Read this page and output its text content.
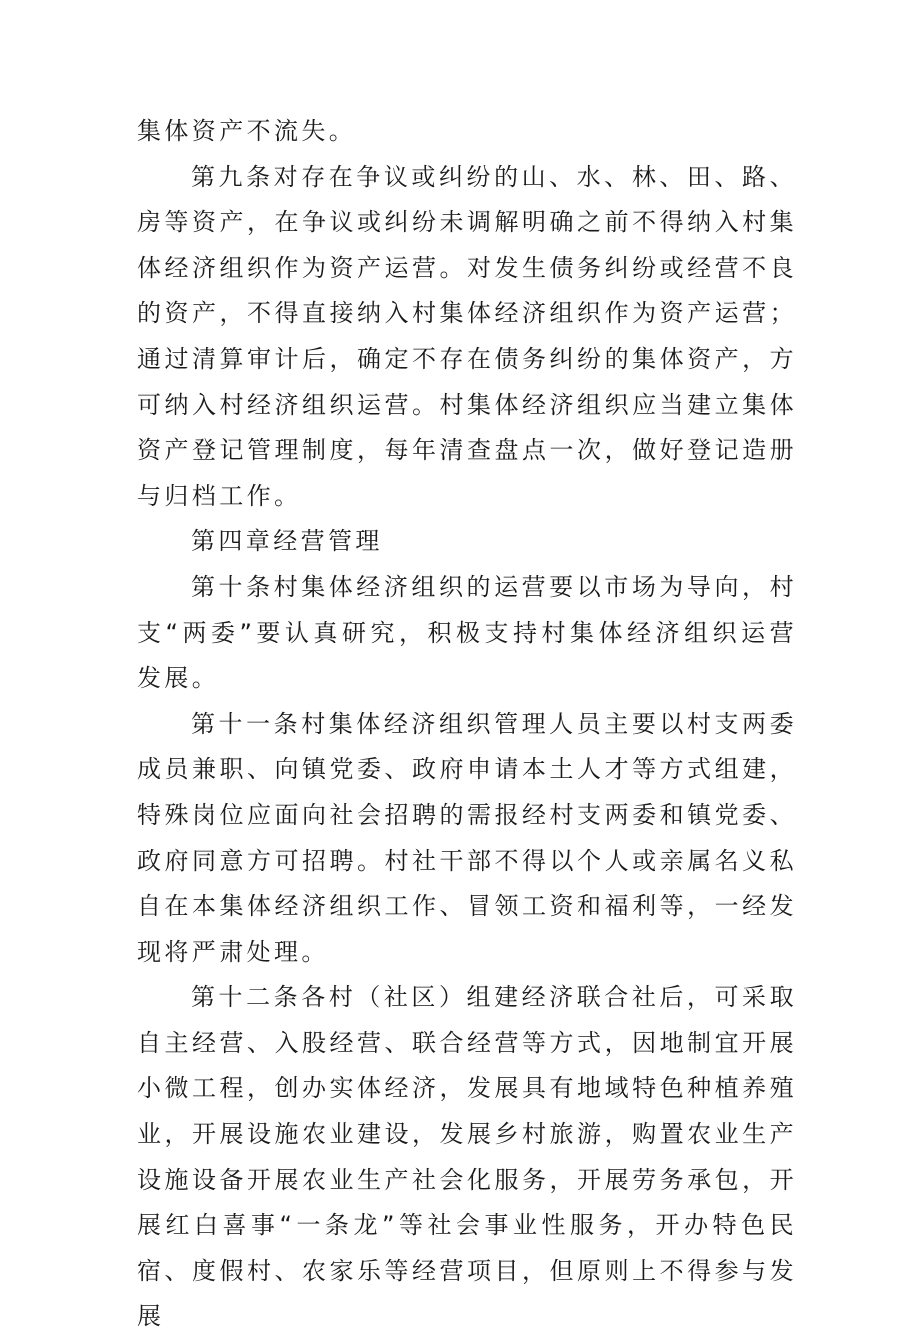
集体资产不流失。

第九条对存在争议或纠纷的山、水、林、田、路、房等资产，在争议或纠纷未调解明确之前不得纳入村集体经济组织作为资产运营。对发生债务纠纷或经营不良的资产，不得直接纳入村集体经济组织作为资产运营；通过清算审计后，确定不存在债务纠纷的集体资产，方可纳入村经济组织运营。村集体经济组织应当建立集体资产登记管理制度，每年清查盘点一次，做好登记造册与归档工作。

第四章经营管理

第十条村集体经济组织的运营要以市场为导向，村支“两委”要认真研究，积极支持村集体经济组织运营发展。

第十一条村集体经济组织管理人员主要以村支两委成员兼职、向镇党委、政府申请本土人才等方式组建，特殊岗位应面向社会招聘的需报经村支两委和镇党委、政府同意方可招聘。村社干部不得以个人或亲属名义私自在本集体经济组织工作、冒领工资和福利等，一经发现将严肃处理。

第十二条各村（社区）组建经济联合社后，可采取自主经营、入股经营、联合经营等方式，因地制宜开展小微工程，创办实体经济，发展具有地域特色种植养殖业，开展设施农业建设，发展乡村旅游，购置农业生产设施设备开展农业生产社会化服务，开展劳务承包，开展红白喜事“一条龙”等社会事业性服务，开办特色民宿、度假村、农家乐等经营项目，但原则上不得参与发展
